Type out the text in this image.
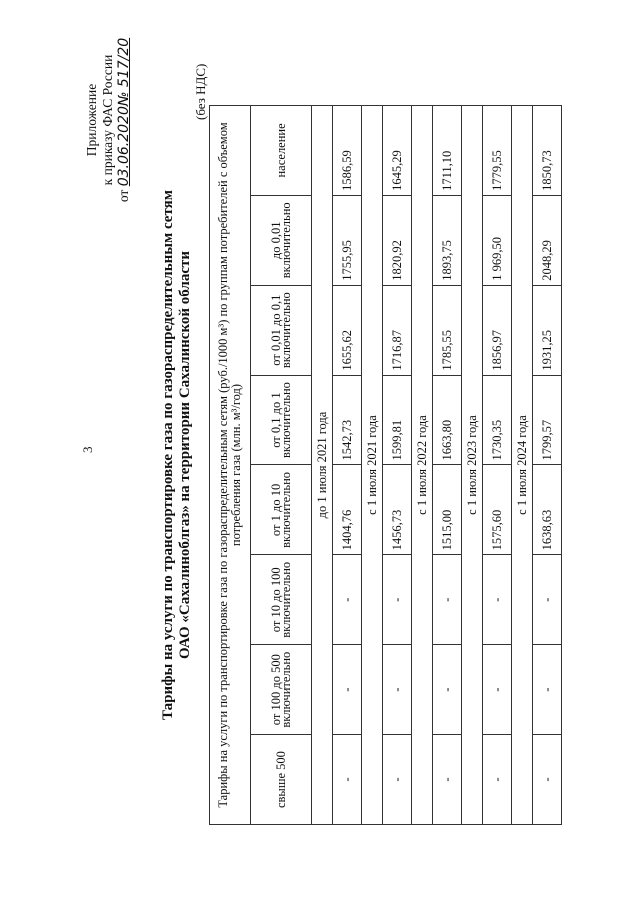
3
Приложение к приказу ФАС России
от 03.06.2020№ 517/20
Тарифы на услуги по транспортировке газа по газораспределительным сетям ОАО «Сахалиноблгаз» на территории Сахалинской области
(без НДС)
Тарифы на услуги по транспортировке газа по газораспределительным сетям (руб./1000 м³) по группам потребителей с объемом потребления газа (млн. м³/год)							
свыше 500	от 100 до 500 включительно	от 10 до 100 включительно	от 1 до 10 включительно	от 0,1 до 1 включительно	от 0,01 до 0,1 включительно	до 0,01 включительно	население
до 1 июля 2021 года							
-	-	-	1404,76	1542,73	1655,62	1755,95	1586,59
с 1 июля 2021 года							
-	-	-	1456,73	1599,81	1716,87	1820,92	1645,29
с 1 июля 2022 года							
-	-	-	1515,00	1663,80	1785,55	1893,75	1711,10
с 1 июля 2023 года							
-	-	-	1575,60	1730,35	1856,97	1 969,50	1779,55
с 1 июля 2024 года							
-	-	-	1638,63	1799,57	1931,25	2048,29	1850,73
